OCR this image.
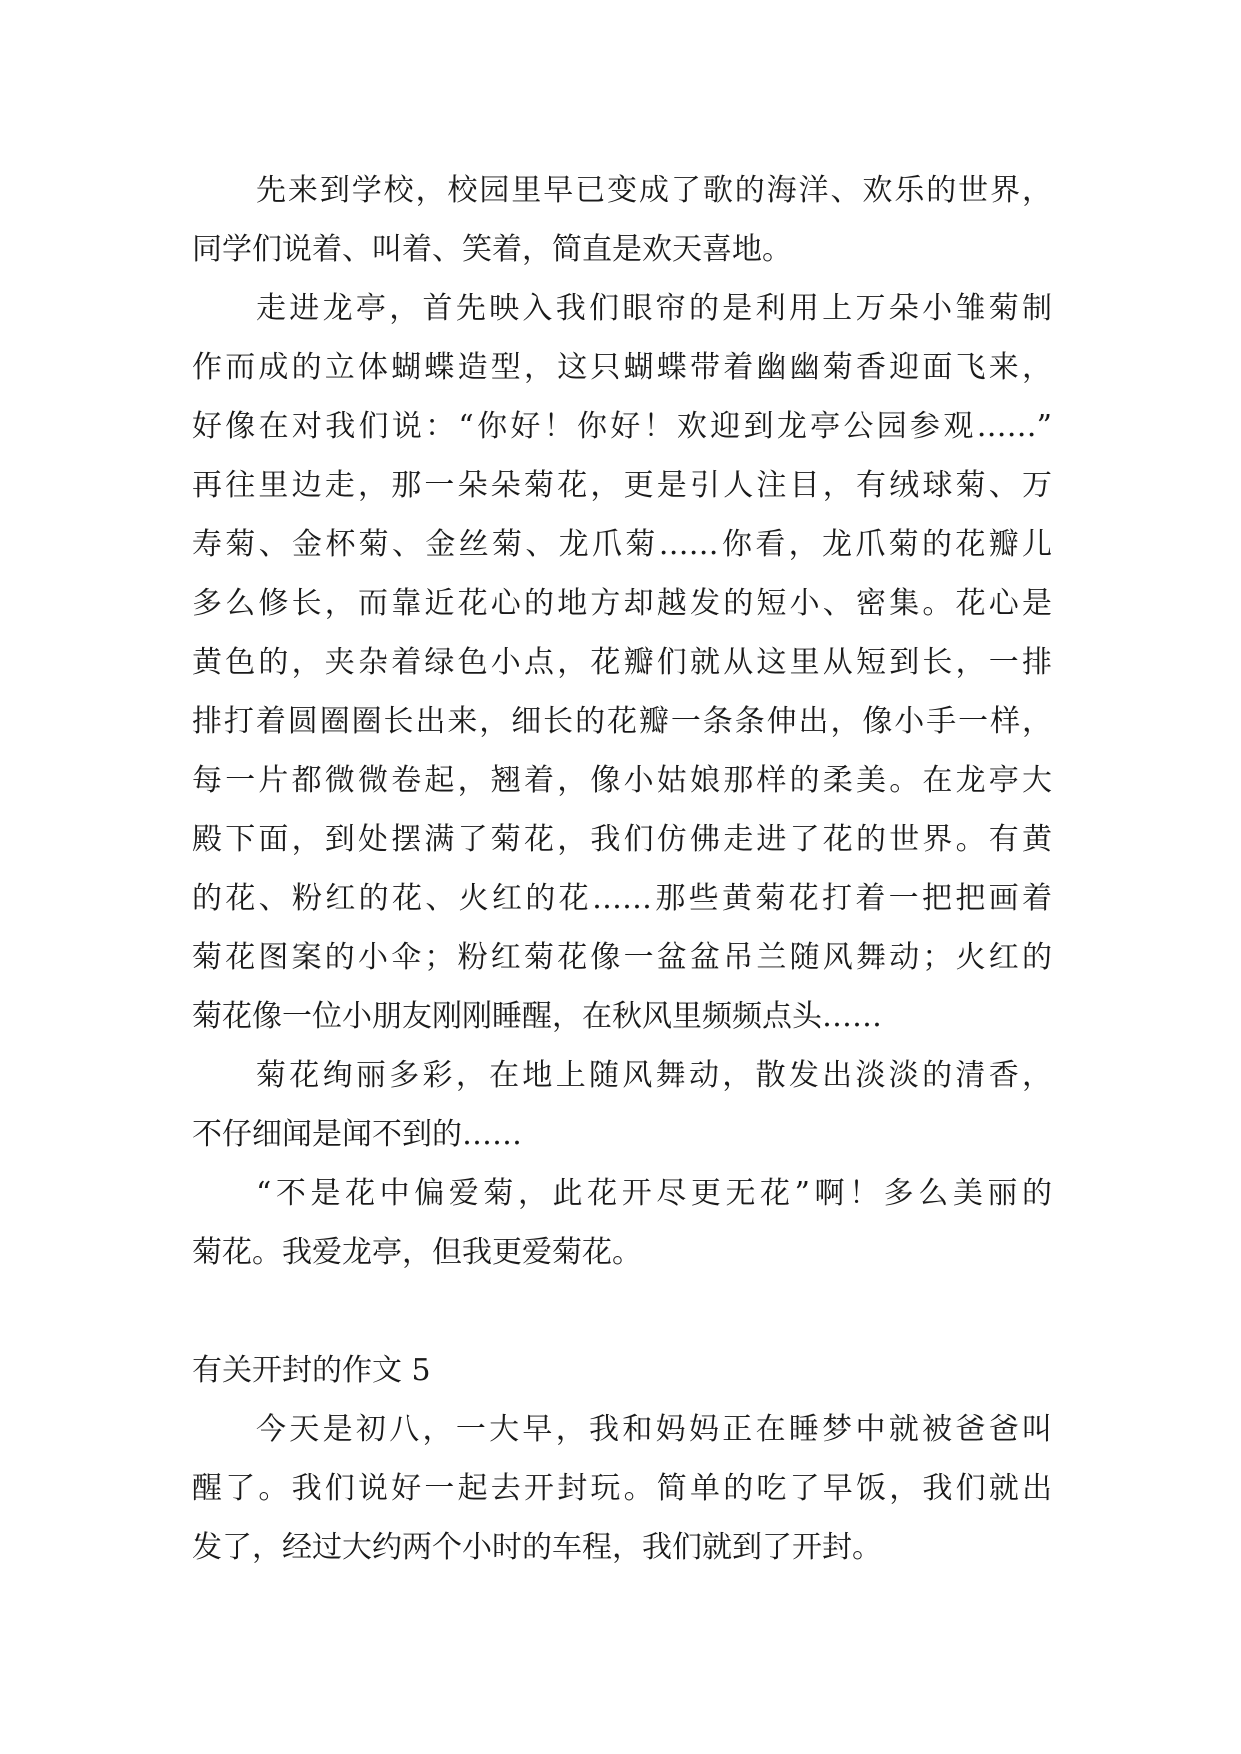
先来到学校，校园里早已变成了歌的海洋、欢乐的世界，
同学们说着、叫着、笑着，简直是欢天喜地。
走进龙亭，首先映入我们眼帘的是利用上万朵小雏菊制
作而成的立体蝴蝶造型，这只蝴蝶带着幽幽菊香迎面飞来，
好像在对我们说：“你好！你好！欢迎到龙亭公园参观……”
再往里边走，那一朵朵菊花，更是引人注目，有绒球菊、万
寿菊、金杯菊、金丝菊、龙爪菊……你看，龙爪菊的花瓣儿
多么修长，而靠近花心的地方却越发的短小、密集。花心是
黄色的，夹杂着绿色小点，花瓣们就从这里从短到长，一排
排打着圆圈圈长出来，细长的花瓣一条条伸出，像小手一样，
每一片都微微卷起，翘着，像小姑娘那样的柔美。在龙亭大
殿下面，到处摆满了菊花，我们仿佛走进了花的世界。有黄
的花、粉红的花、火红的花……那些黄菊花打着一把把画着
菊花图案的小伞；粉红菊花像一盆盆吊兰随风舞动；火红的
菊花像一位小朋友刚刚睡醒，在秋风里频频点头……
菊花绚丽多彩，在地上随风舞动，散发出淡淡的清香，
不仔细闻是闻不到的……
“不是花中偏爱菊，此花开尽更无花”啊！多么美丽的
菊花。我爱龙亭，但我更爱菊花。
有关开封的作文 5
今天是初八，一大早，我和妈妈正在睡梦中就被爸爸叫
醒了。我们说好一起去开封玩。简单的吃了早饭，我们就出
发了，经过大约两个小时的车程，我们就到了开封。
